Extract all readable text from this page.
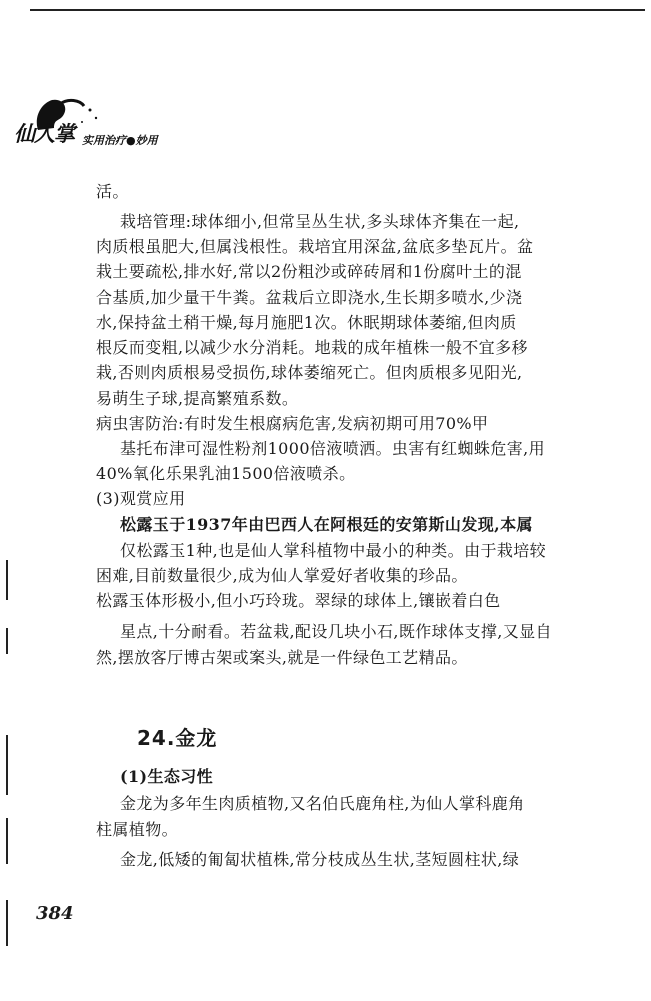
仙人掌 实用治疗●妙用
活。
栽培管理:球体细小,但常呈丛生状,多头球体齐集在一起,
肉质根虽肥大,但属浅根性。栽培宜用深盆,盆底多垫瓦片。盆
栽土要疏松,排水好,常以2份粗沙或碎砖屑和1份腐叶土的混
合基质,加少量干牛粪。盆栽后立即浇水,生长期多喷水,少浇
水,保持盆土稍干燥,每月施肥1次。休眠期球体萎缩,但肉质
根反而变粗,以减少水分消耗。地栽的成年植株一般不宜多移
栽,否则肉质根易受损伤,球体萎缩死亡。但肉质根多见阳光,
易萌生子球,提高繁殖系数。
病虫害防治:有时发生根腐病危害,发病初期可用70%甲
基托布津可湿性粉剂1000倍液喷洒。虫害有红蜘蛛危害,用
40%氧化乐果乳油1500倍液喷杀。
(3)观赏应用
松露玉于1937年由巴西人在阿根廷的安第斯山发现,本属
仅松露玉1种,也是仙人掌科植物中最小的种类。由于栽培较
困难,目前数量很少,成为仙人掌爱好者收集的珍品。
松露玉体形极小,但小巧玲珑。翠绿的球体上,镶嵌着白色
星点,十分耐看。若盆栽,配设几块小石,既作球体支撑,又显自
然,摆放客厅博古架或案头,就是一件绿色工艺精品。
24.金龙
(1)生态习性
金龙为多年生肉质植物,又名伯氏鹿角柱,为仙人掌科鹿角
柱属植物。
金龙,低矮的匍匐状植株,常分枝成丛生状,茎短圆柱状,绿
384
